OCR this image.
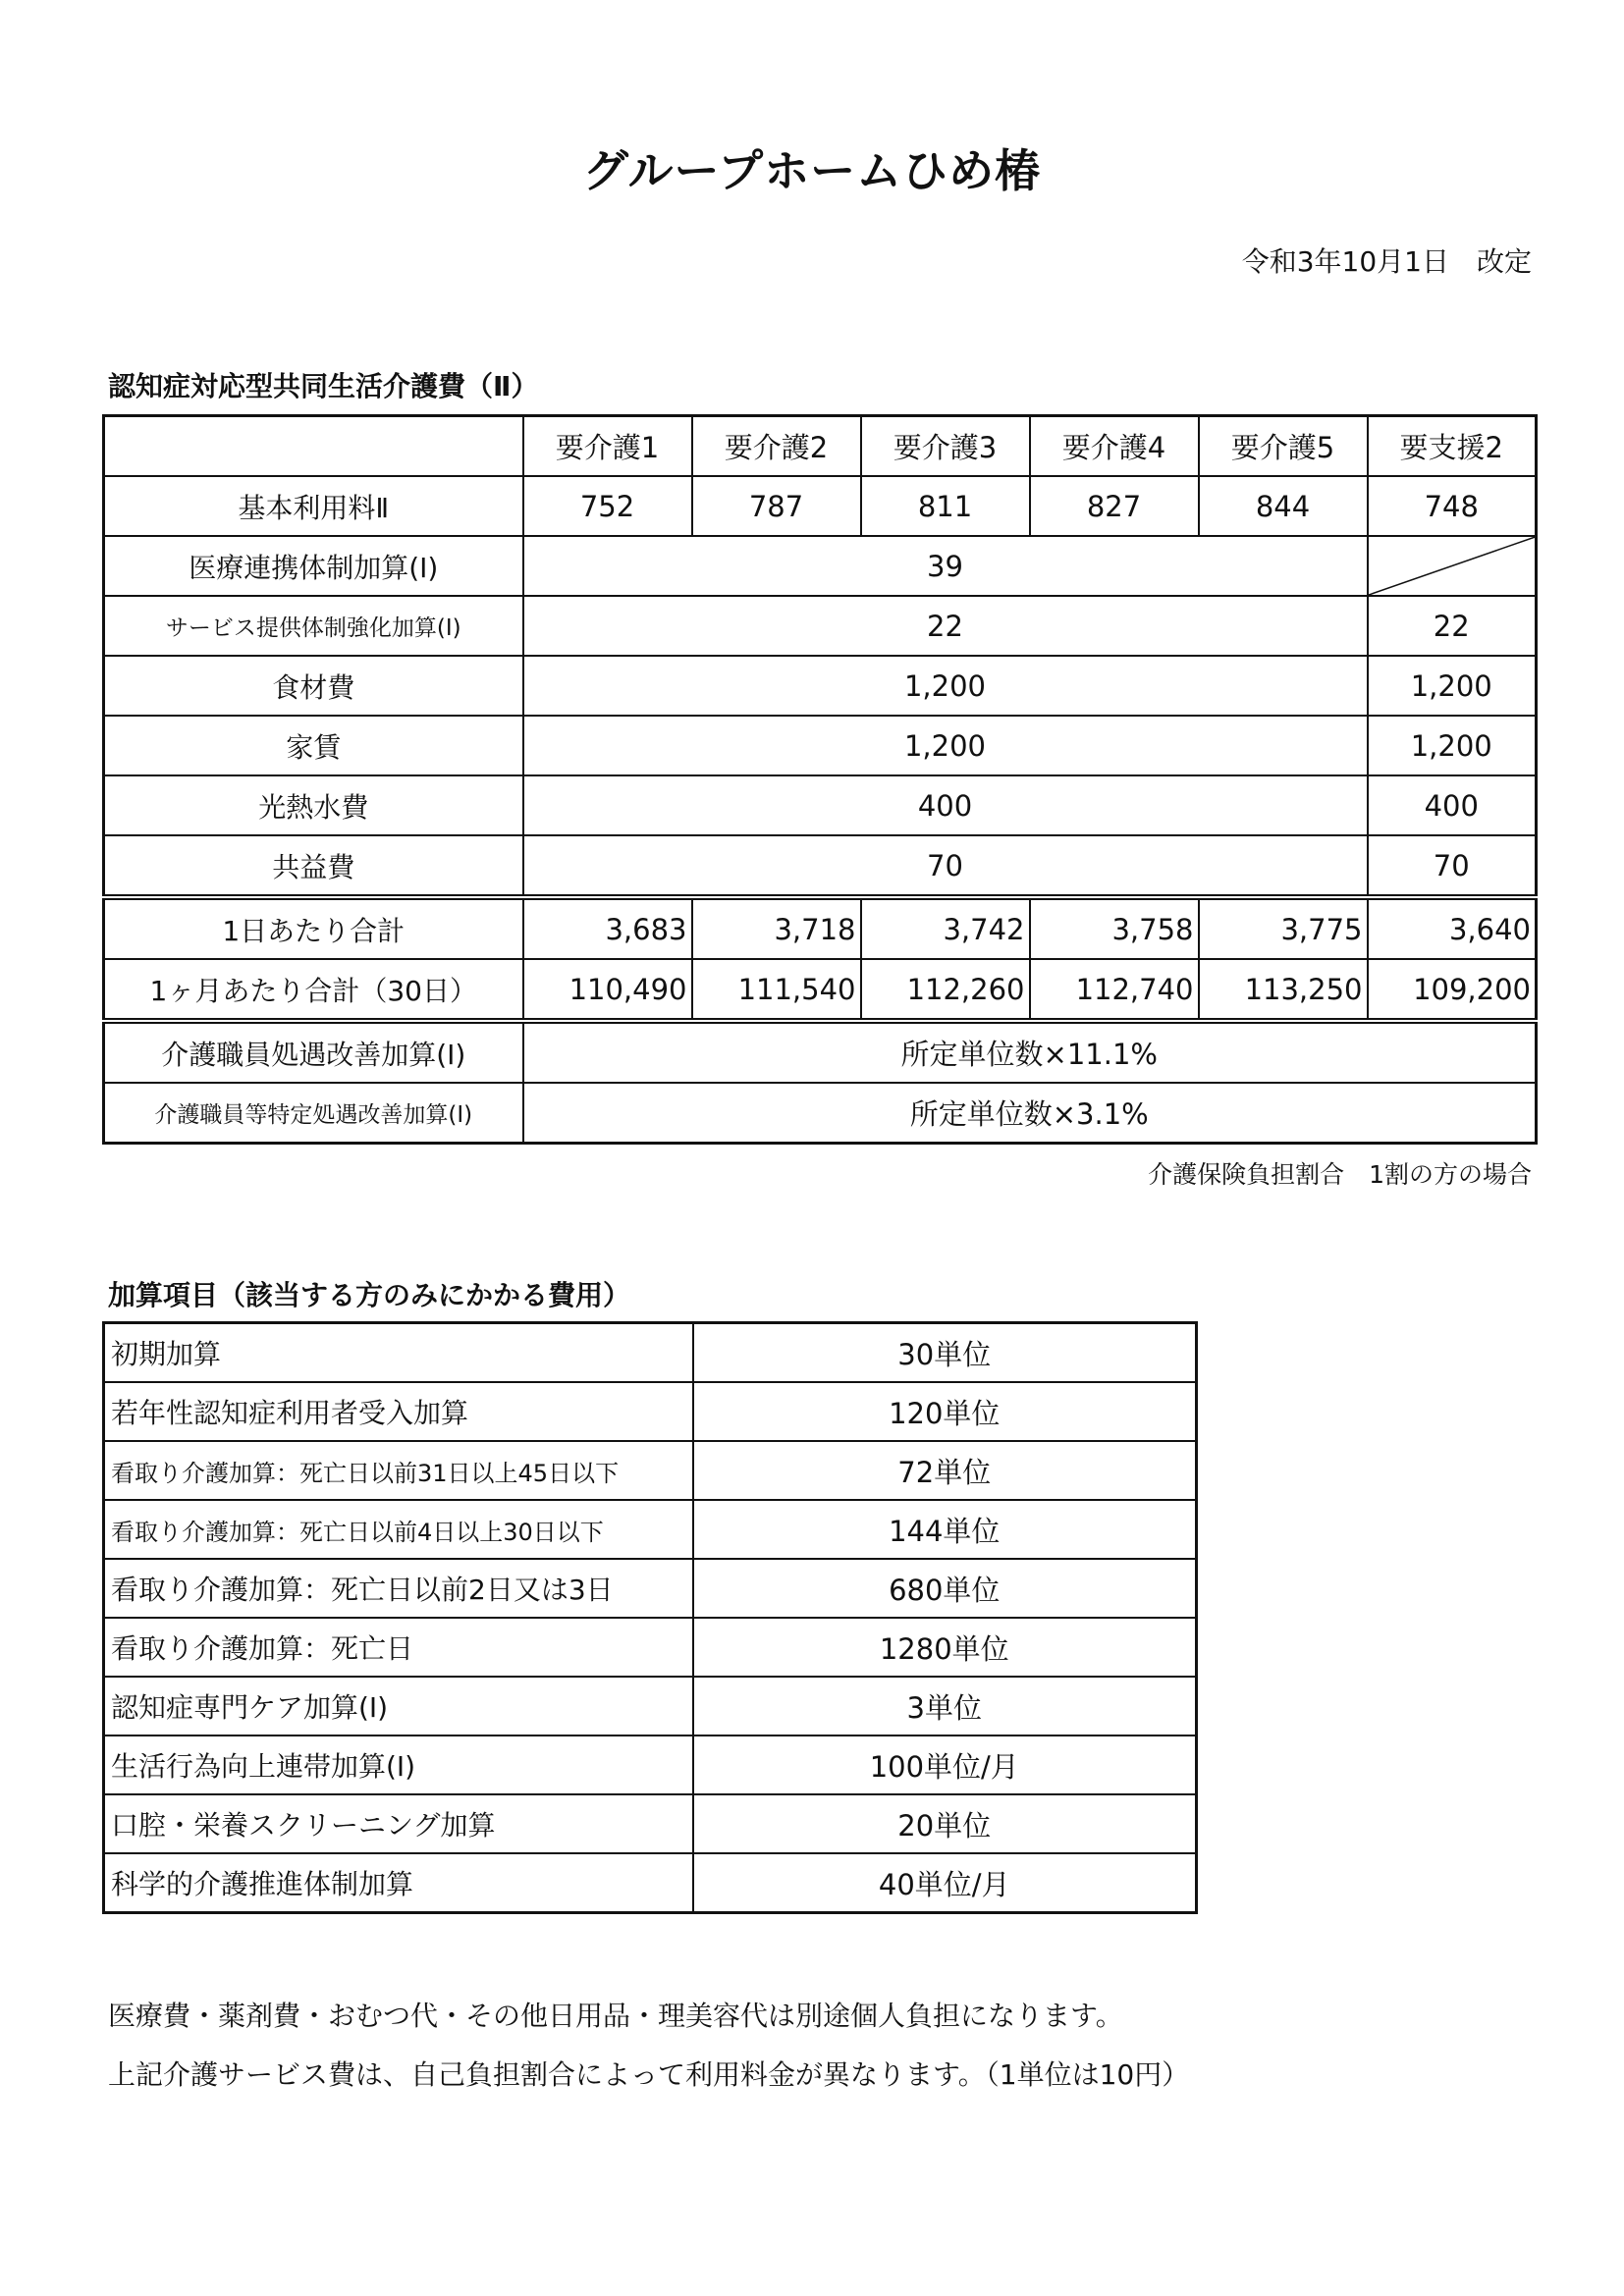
グループホームひめ椿
令和3年10月1日　改定
認知症対応型共同生活介護費（Ⅱ）
	要介護1	要介護2	要介護3	要介護4	要介護5	要支援2
基本利用料Ⅱ	752	787	811	827	844	748
医療連携体制加算(Ⅰ)	39	

サービス提供体制強化加算(Ⅰ)	22					22
食材費	1,200					1,200
家賃	1,200					1,200
光熱水費	400					400
共益費	70					70
1日あたり合計	3,683	3,718	3,742	3,758	3,775	3,640
1ヶ月あたり合計（30日）	110,490	111,540	112,260	112,740	113,250	109,200
介護職員処遇改善加算(Ⅰ)	所定単位数×11.1%					
介護職員等特定処遇改善加算(Ⅰ)	所定単位数×3.1%					
介護保険負担割合　1割の方の場合
加算項目（該当する方のみにかかる費用）
初期加算	30単位
若年性認知症利用者受入加算	120単位
看取り介護加算：死亡日以前31日以上45日以下	72単位
看取り介護加算：死亡日以前4日以上30日以下	144単位
看取り介護加算：死亡日以前2日又は3日	680単位
看取り介護加算：死亡日	1280単位
認知症専門ケア加算(Ⅰ)	3単位
生活行為向上連帯加算(Ⅰ)	100単位/月
口腔・栄養スクリーニング加算	20単位
科学的介護推進体制加算	40単位/月
医療費・薬剤費・おむつ代・その他日用品・理美容代は別途個人負担になります。
上記介護サービス費は、自己負担割合によって利用料金が異なります。（1単位は10円）
